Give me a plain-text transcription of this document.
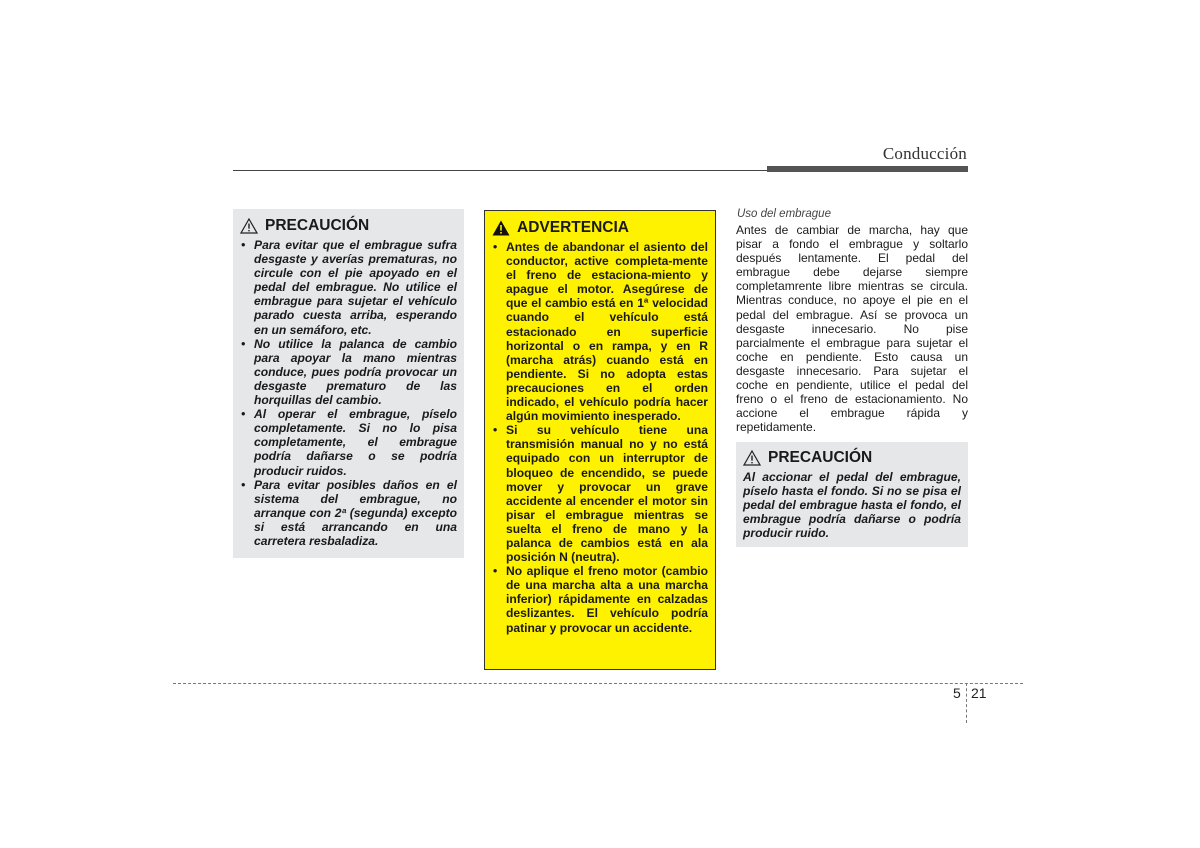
Conducción
PRECAUCIÓN
• Para evitar que el embrague sufra desgaste y averías prematuras, no circule con el pie apoyado en el pedal del embrague. No utilice el embrague para sujetar el vehículo parado cuesta arriba, esperando en un semáforo, etc.
• No utilice la palanca de cambio para apoyar la mano mientras conduce, pues podría provocar un desgaste prematuro de las horquillas del cambio.
• Al operar el embrague, píselo completamente. Si no lo pisa completamente, el embrague podría dañarse o se podría producir ruidos.
• Para evitar posibles daños en el sistema del embrague, no arranque con 2ª (segunda) excepto si está arrancando en una carretera resbaladiza.
ADVERTENCIA
• Antes de abandonar el asiento del conductor, active completa-mente el freno de estaciona-miento y apague el motor. Asegúrese de que el cambio está en 1ª velocidad cuando el vehículo está estacionado en superficie horizontal o en rampa, y en R (marcha atrás) cuando está en pendiente. Si no adopta estas precauciones en el orden indicado, el vehículo podría hacer algún movimiento inesperado.
• Si su vehículo tiene una transmisión manual no y no está equipado con un interruptor de bloqueo de encendido, se puede mover y provocar un grave accidente al encender el motor sin pisar el embrague mientras se suelta el freno de mano y la palanca de cambios está en ala posición N (neutra).
• No aplique el freno motor (cambio de una marcha alta a una marcha inferior) rápidamente en calzadas deslizantes. El vehículo podría patinar y provocar un accidente.
Uso del embrague
Antes de cambiar de marcha, hay que pisar a fondo el embrague y soltarlo después lentamente. El pedal del embrague debe dejarse siempre completamrente libre mientras se circula. Mientras conduce, no apoye el pie en el pedal del embrague. Así se provoca un desgaste innecesario. No pise parcialmente el embrague para sujetar el coche en pendiente. Esto causa un desgaste innecesario. Para sujetar el coche en pendiente, utilice el pedal del freno o el freno de estacionamiento. No accione el embrague rápida y repetidamente.
PRECAUCIÓN
Al accionar el pedal del embrague, píselo hasta el fondo. Si no se pisa el pedal del embrague hasta el fondo, el embrague podría dañarse o podría producir ruido.
5 21
